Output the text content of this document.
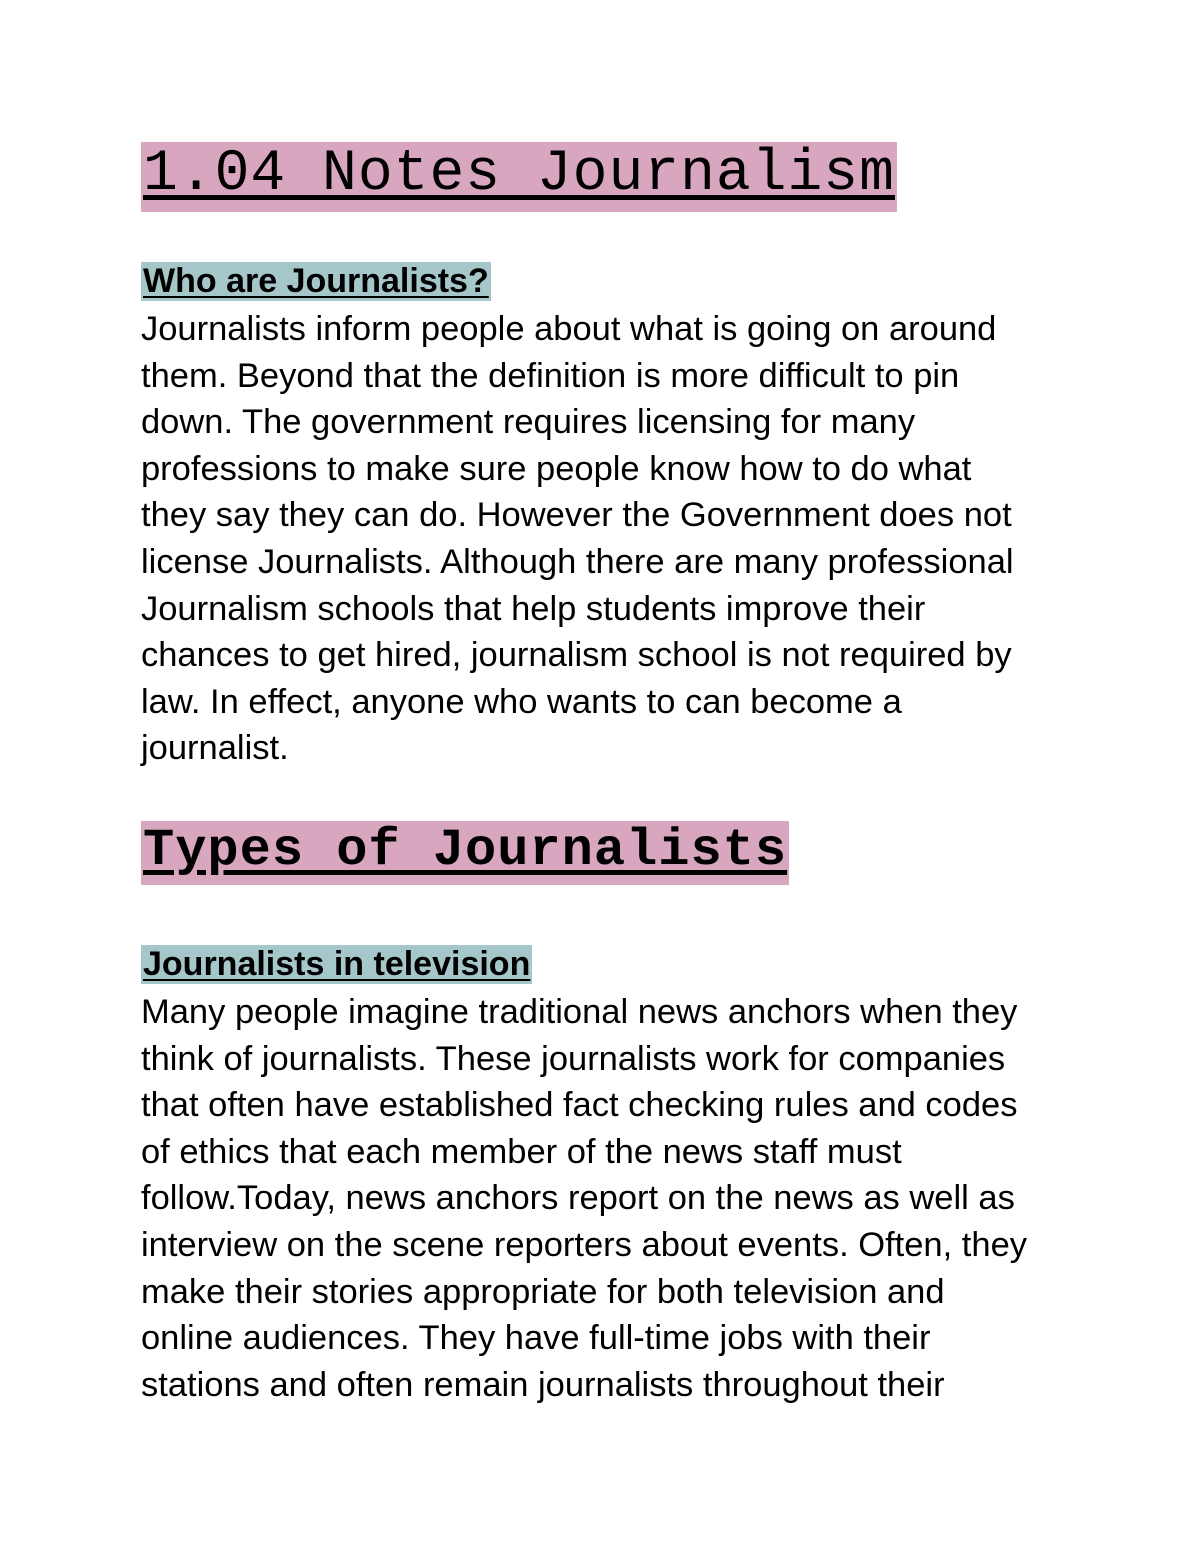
1.04 Notes Journalism
Who are Journalists?

Journalists inform people about what is going on around
them. Beyond that the definition is more difficult to pin
down. The government requires licensing for many
professions to make sure people know how to do what
they say they can do. However the Government does not
license Journalists. Although there are many professional
Journalism schools that help students improve their
chances to get hired, journalism school is not required by
law. In effect, anyone who wants to can become a
journalist.

Types of Journalists
Journalists in television

Many people imagine traditional news anchors when they
think of journalists. These journalists work for companies
that often have established fact checking rules and codes
of ethics that each member of the news staff must
follow.Today, news anchors report on the news as well as
interview on the scene reporters about events. Often, they
make their stories appropriate for both television and
online audiences. They have full-time jobs with their
stations and often remain journalists throughout their
